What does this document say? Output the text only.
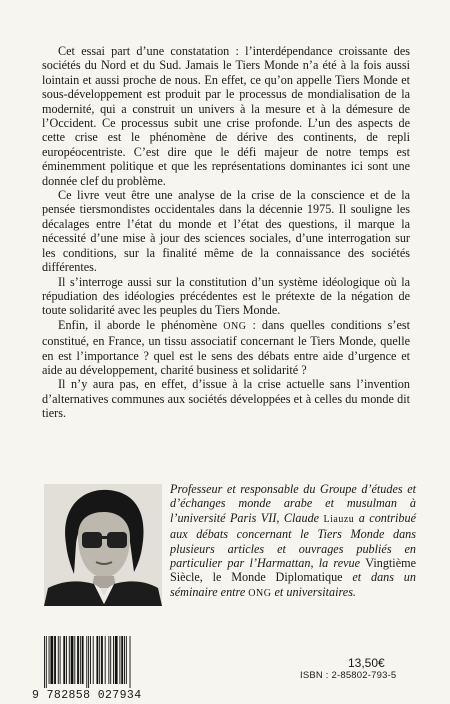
Cet essai part d’une constatation : l’interdépendance croissante des sociétés du Nord et du Sud. Jamais le Tiers Monde n’a été à la fois aussi lointain et aussi proche de nous. En effet, ce qu’on appelle Tiers Monde et sous-développement est produit par le processus de mondialisation de la modernité, qui a construit un univers à la mesure et à la démesure de l’Occident. Ce processus subit une crise profonde. L’un des aspects de cette crise est le phénomène de dérive des continents, de repli européocentriste. C’est dire que le défi majeur de notre temps est éminemment politique et que les représentations dominantes ici sont une donnée clef du problème.

Ce livre veut être une analyse de la crise de la conscience et de la pensée tiersmondistes occidentales dans la décennie 1975. Il souligne les décalages entre l’état du monde et l’état des questions, il marque la nécessité d’une mise à jour des sciences sociales, d’une interrogation sur les conditions, sur la finalité même de la connaissance des sociétés différentes.

Il s’interroge aussi sur la constitution d’un système idéologique où la répudiation des idéologies précédentes est le prétexte de la négation de toute solidarité avec les peuples du Tiers Monde.

Enfin, il aborde le phénomène ONG : dans quelles conditions s’est constitué, en France, un tissu associatif concernant le Tiers Monde, quelle en est l’importance ? quel est le sens des débats entre aide d’urgence et aide au développement, charité business et solidarité ?

Il n’y aura pas, en effet, d’issue à la crise actuelle sans l’invention d’alternatives communes aux sociétés développées et à celles du monde dit tiers.

Professeur et responsable du Groupe d’études et d’échanges monde arabe et musulman à l’université Paris VII, Claude Liauzu a contribué aux débats concernant le Tiers Monde dans plusieurs articles et ouvrages publiés en particulier par l’Harmattan, la revue Vingtième Siècle, le Monde Diplomatique et dans un séminaire entre ONG et universitaires.

9 782858 027934
13,50€
ISBN : 2-85802-793-5
